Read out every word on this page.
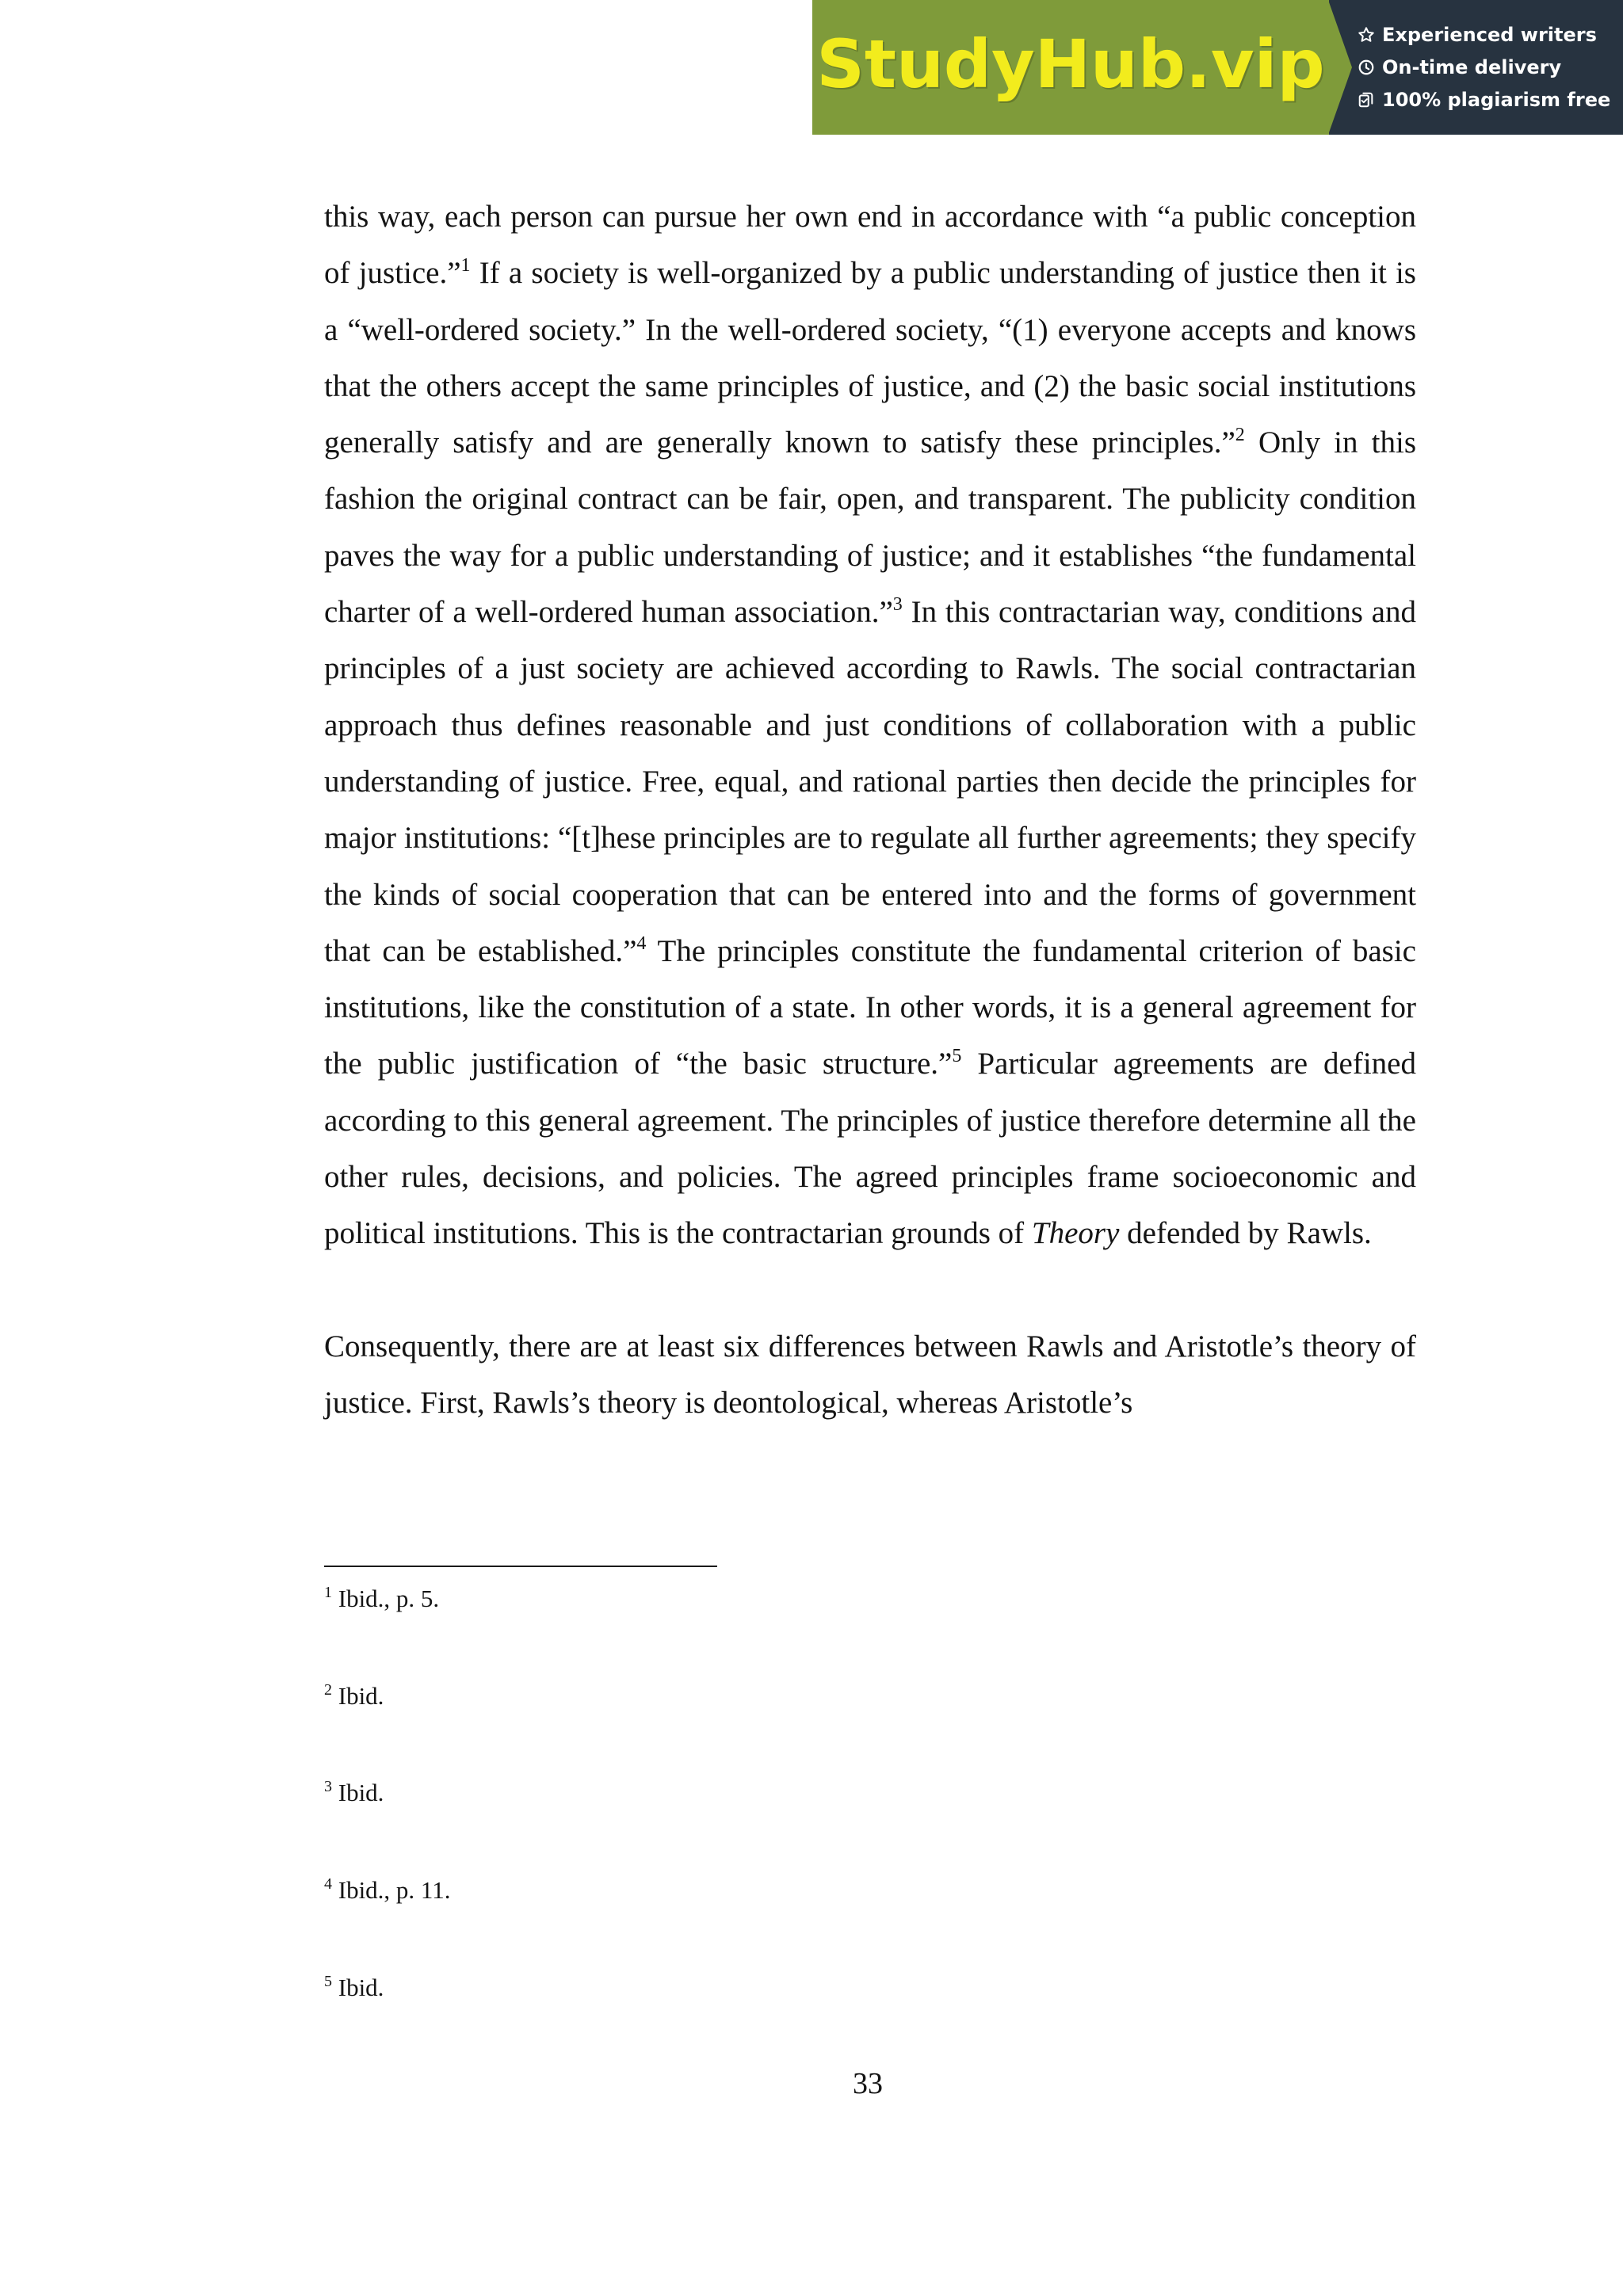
StudyHub.vip	Experienced writers
On-time delivery
100% plagiarism free

this way, each person can pursue her own end in accordance with “a public conception of justice.”$^1$ If a society is well-organized by a public understanding of justice then it is a “well-ordered society.” In the well-ordered society, “(1) everyone accepts and knows that the others accept the same principles of justice, and (2) the basic social institutions generally satisfy and are generally known to satisfy these principles.”$^2$ Only in this fashion the original contract can be fair, open, and transparent. The publicity condition paves the way for a public understanding of justice; and it establishes “the fundamental charter of a well-ordered human association.”$^3$ In this contractarian way, conditions and principles of a just society are achieved according to Rawls. The social contractarian approach thus defines reasonable and just conditions of collaboration with a public understanding of justice. Free, equal, and rational parties then decide the principles for major institutions: “[t]hese principles are to regulate all further agreements; they specify the kinds of social cooperation that can be entered into and the forms of government that can be established.”$^4$ The principles constitute the fundamental criterion of basic institutions, like the constitution of a state. In other words, it is a general agreement for the public justification of “the basic structure.”$^5$ Particular agreements are defined according to this general agreement. The principles of justice therefore determine all the other rules, decisions, and policies. The agreed principles frame socioeconomic and political institutions. This is the contractarian grounds of Theory defended by Rawls.

Consequently, there are at least six differences between Rawls and Aristotle’s theory of justice. First, Rawls’s theory is deontological, whereas Aristotle’s

$^1$ Ibid., p. 5.
$^2$ Ibid.
$^3$ Ibid.
$^4$ Ibid., p. 11.
$^5$ Ibid.
33
